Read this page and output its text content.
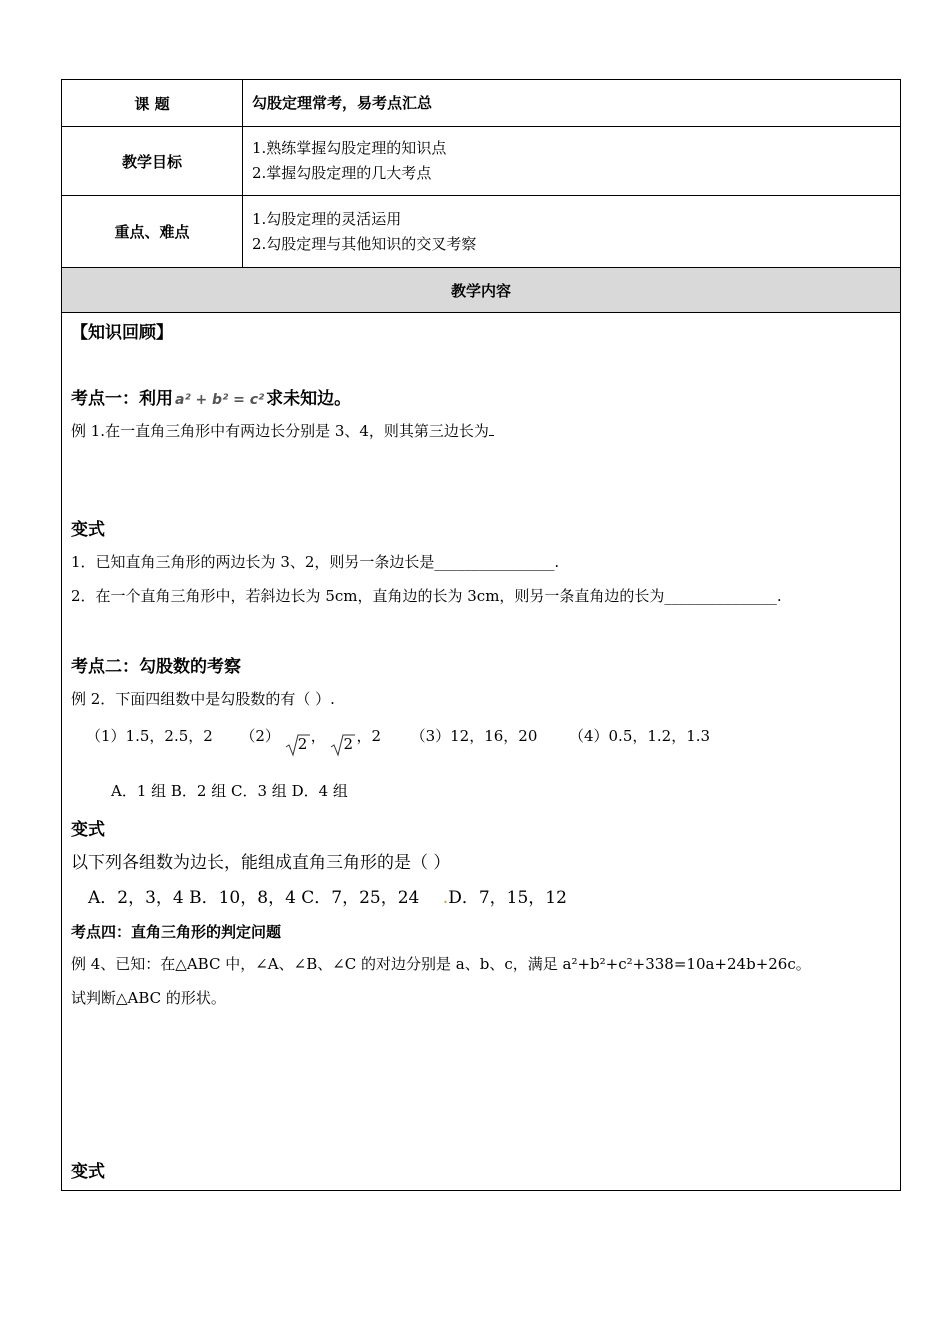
课 题	勾股定理常考，易考点汇总
教学目标
1.熟练掌握勾股定理的知识点
2.掌握勾股定理的几大考点
重点、难点
1.勾股定理的灵活运用
2.勾股定理与其他知识的交叉考察
教学内容
【知识回顾】
考点一：利用 a² + b² = c² 求未知边。
例 1.在一直角三角形中有两边长分别是 3、4，则其第三边长为
变式
1．已知直角三角形的两边长为 3、2，则另一条边长是________________.
2．在一个直角三角形中，若斜边长为 5cm，直角边的长为 3cm，则另一条直角边的长为_______________.
考点二：勾股数的考察
例 2．下面四组数中是勾股数的有（ ）.
（1）1.5，2.5，2 （2） 2 ， 2 ，2 （3）12，16，20 （4）0.5，1.2，1.3
A．1 组 B．2 组 C．3 组 D．4 组
变式
以下列各组数为边长，能组成直角三角形的是（ ）
A．2，3，4 B．10，8，4 C．7，25，24 .D．7，15，12
考点四：直角三角形的判定问题
例 4、已知：在△ABC 中，∠A、∠B、∠C 的对边分别是 a、b、c，满足 a²+b²+c²+338=10a+24b+26c。
试判断△ABC 的形状。
变式
